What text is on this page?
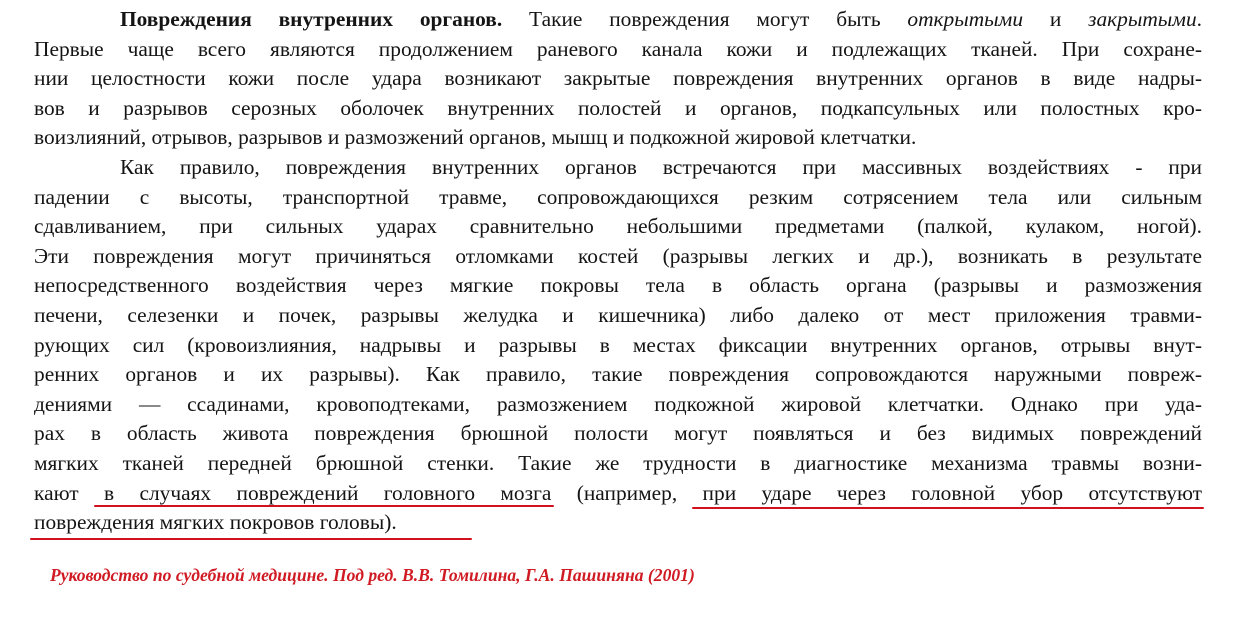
Повреждения внутренних органов. Такие повреждения могут быть открытыми и закрытыми.
Первые чаще всего являются продолжением раневого канала кожи и подлежащих тканей. При сохране-
нии целостности кожи после удара возникают закрытые повреждения внутренних органов в виде надры-
вов и разрывов серозных оболочек внутренних полостей и органов, подкапсульных или полостных кро-
воизлияний, отрывов, разрывов и размозжений органов, мышц и подкожной жировой клетчатки.
Как правило, повреждения внутренних органов встречаются при массивных воздействиях - при
падении с высоты, транспортной травме, сопровождающихся резким сотрясением тела или сильным
сдавливанием, при сильных ударах сравнительно небольшими предметами (палкой, кулаком, ногой).
Эти повреждения могут причиняться отломками костей (разрывы легких и др.), возникать в результате
непосредственного воздействия через мягкие покровы тела в область органа (разрывы и размозжения
печени, селезенки и почек, разрывы желудка и кишечника) либо далеко от мест приложения травми-
рующих сил (кровоизлияния, надрывы и разрывы в местах фиксации внутренних органов, отрывы внут-
ренних органов и их разрывы). Как правило, такие повреждения сопровождаются наружными повреж-
дениями — ссадинами, кровоподтеками, размозжением подкожной жировой клетчатки. Однако при уда-
рах в область живота повреждения брюшной полости могут появляться и без видимых повреждений
мягких тканей передней брюшной стенки. Такие же трудности в диагностике механизма травмы возни-
кают в случаях повреждений головного мозга (например, при ударе через головной убор отсутствуют
повреждения мягких покровов головы).
Руководство по судебной медицине. Под ред. В.В. Томилина, Г.А. Пашиняна (2001)
